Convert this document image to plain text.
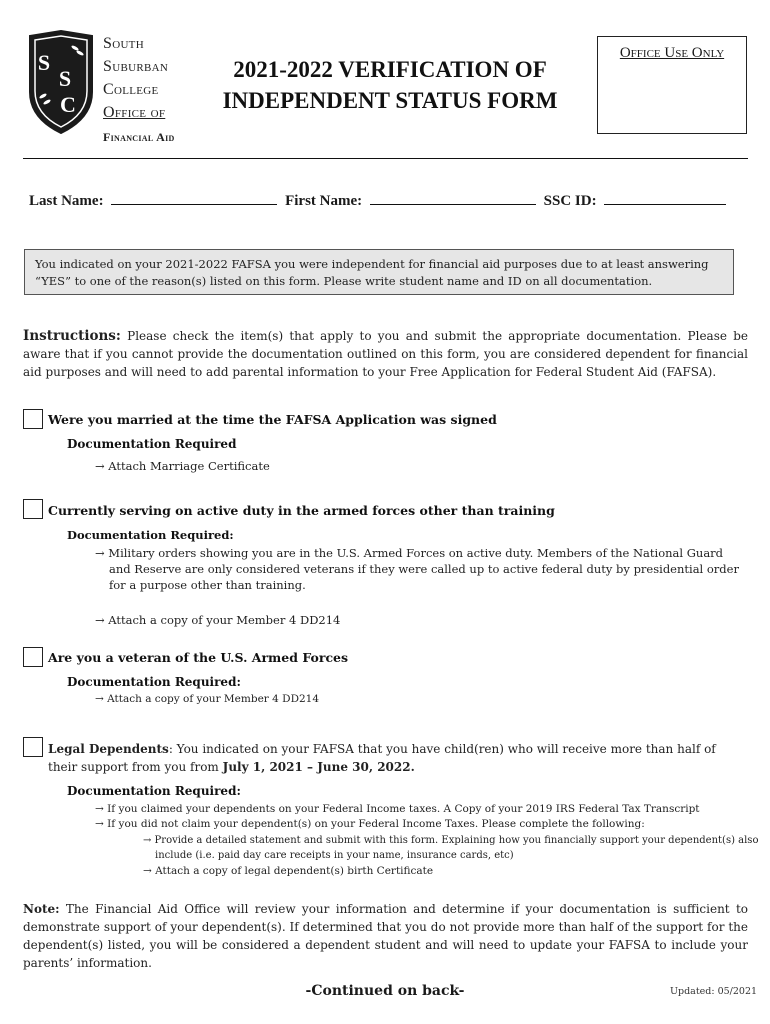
S
S
C
South
Suburban
College
Office of
Financial Aid
2021-2022 VERIFICATION OF
INDEPENDENT STATUS FORM
Office Use Only
Last Name:	First Name:	SSC ID:
You indicated on your 2021-2022 FAFSA you were independent for financial aid purposes due to at least answering “YES” to one of the reason(s) listed on this form. Please write student name and ID on all documentation.
Instructions: Please check the item(s) that apply to you and submit the appropriate documentation. Please be aware that if you cannot provide the documentation outlined on this form, you are considered dependent for financial aid purposes and will need to add parental information to your Free Application for Federal Student Aid (FAFSA).
Were you married at the time the FAFSA Application was signed
Documentation Required
→ Attach Marriage Certificate
Currently serving on active duty in the armed forces other than training
Documentation Required:
→ Military orders showing you are in the U.S. Armed Forces on active duty. Members of the National Guard and Reserve are only considered veterans if they were called up to active federal duty by presidential order for a purpose other than training.
→ Attach a copy of your Member 4 DD214
Are you a veteran of the U.S. Armed Forces
Documentation Required:
→ Attach a copy of your Member 4 DD214
Legal Dependents: You indicated on your FAFSA that you have child(ren) who will receive more than half of their support from you from July 1, 2021 – June 30, 2022.
Documentation Required:
→ If you claimed your dependents on your Federal Income taxes. A Copy of your 2019 IRS Federal Tax Transcript
→ If you did not claim your dependent(s) on your Federal Income Taxes. Please complete the following:
→ Provide a detailed statement and submit with this form. Explaining how you financially support your dependent(s) also include (i.e. paid day care receipts in your name, insurance cards, etc)
→ Attach a copy of legal dependent(s) birth Certificate
Note: The Financial Aid Office will review your information and determine if your documentation is sufficient to demonstrate support of your dependent(s). If determined that you do not provide more than half of the support for the dependent(s) listed, you will be considered a dependent student and will need to update your FAFSA to include your parents’ information.
-Continued on back-	Updated: 05/2021
